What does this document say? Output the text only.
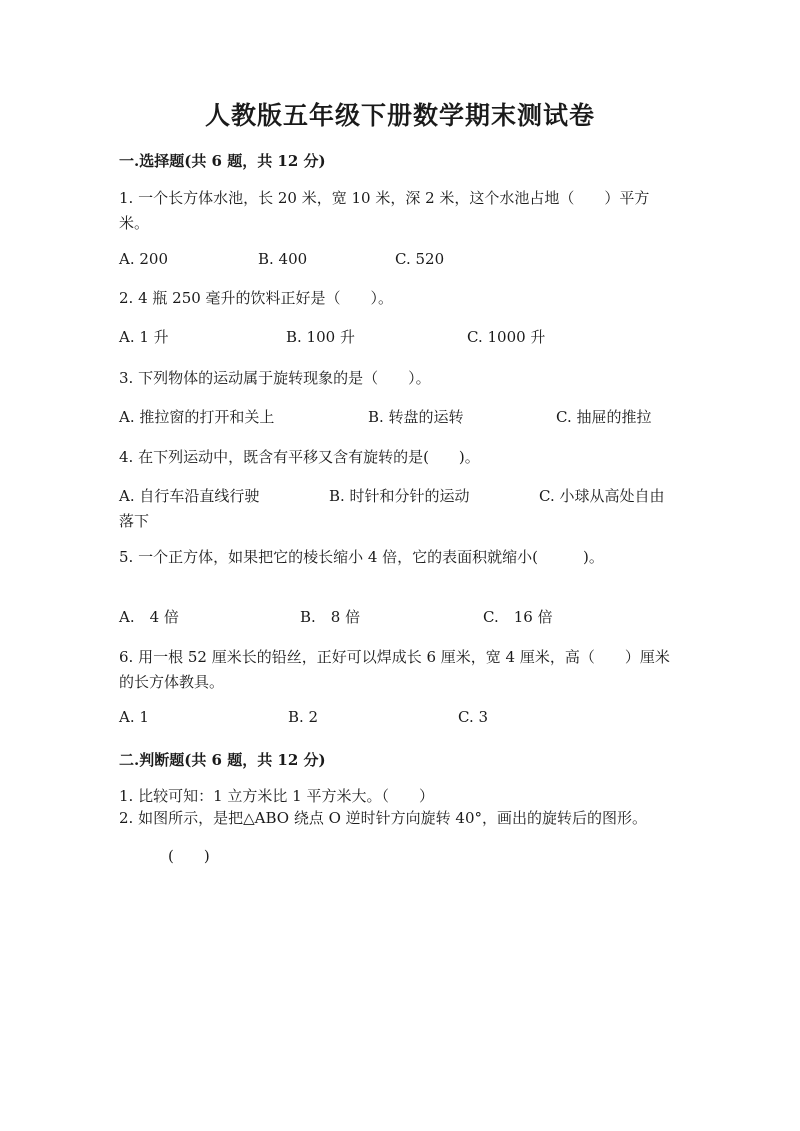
人教版五年级下册数学期末测试卷
一.选择题(共 6 题，共 12 分)
1. 一个长方体水池，长 20 米，宽 10 米，深 2 米，这个水池占地（　　）平方米。
A. 200	B. 400	C. 520
2. 4 瓶 250 毫升的饮料正好是（　　）。
A. 1 升	B. 100 升	C. 1000 升
3. 下列物体的运动属于旋转现象的是（　　）。
A. 推拉窗的打开和关上	B. 转盘的运转	C. 抽屉的推拉
4. 在下列运动中，既含有平移又含有旋转的是(　　)。
A. 自行车沿直线行驶	B. 时针和分针的运动	C. 小球从高处自由
落下
5. 一个正方体，如果把它的棱长缩小 4 倍，它的表面积就缩小(　　　)。
A.　4 倍	B.　8 倍	C.　16 倍
6. 用一根 52 厘米长的铅丝，正好可以焊成长 6 厘米，宽 4 厘米，高（　　）厘米的长方体教具。
A. 1	B. 2	C. 3
二.判断题(共 6 题，共 12 分)
1. 比较可知：1 立方米比 1 平方米大。（　　）
2. 如图所示，是把△ABO 绕点 O 逆时针方向旋转 40°，画出的旋转后的图形。
(　　)
